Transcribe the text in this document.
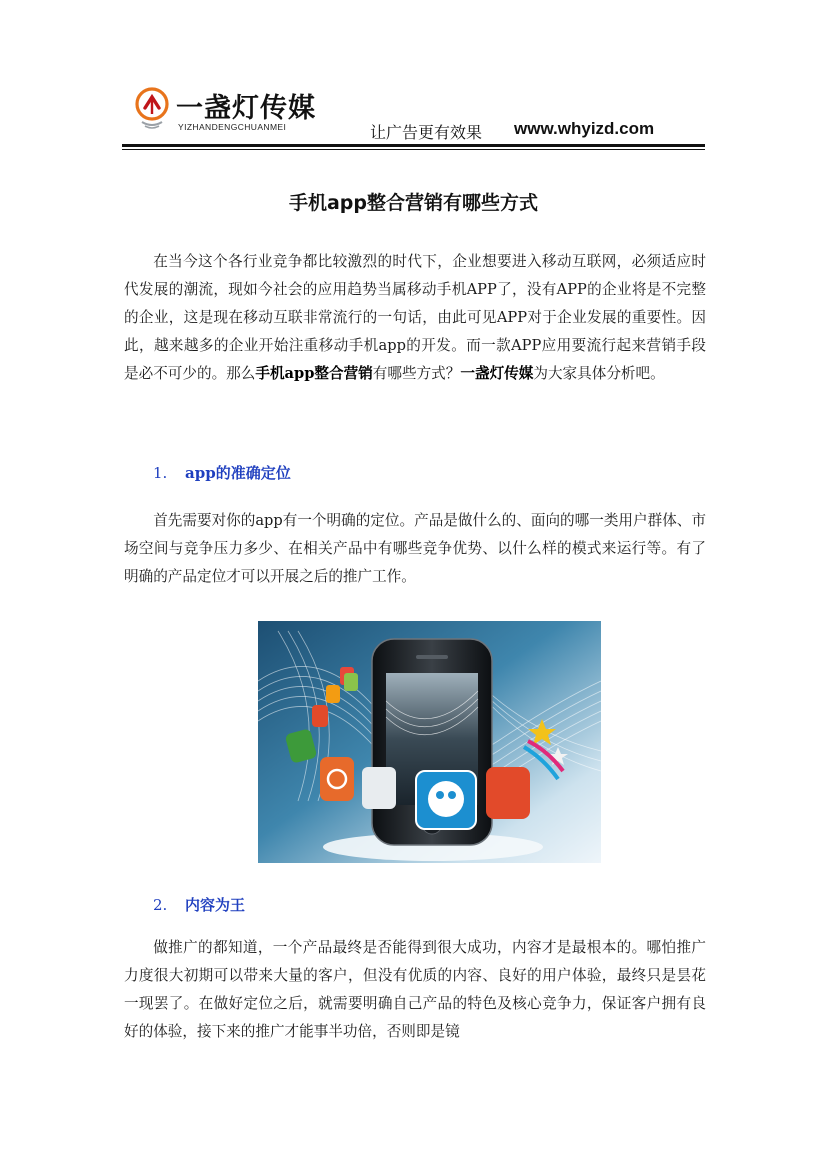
一盏灯传媒
YIZHANDENGCHUANMEI	让广告更有效果 www.whyizd.com
手机app整合营销有哪些方式
在当今这个各行业竞争都比较激烈的时代下，企业想要进入移动互联网，必须适应时代发展的潮流，现如今社会的应用趋势当属移动手机APP了，没有APP的企业将是不完整的企业，这是现在移动互联非常流行的一句话，由此可见APP对于企业发展的重要性。因此，越来越多的企业开始注重移动手机app的开发。而一款APP应用要流行起来营销手段是必不可少的。那么手机app整合营销有哪些方式？一盏灯传媒为大家具体分析吧。
1. app的准确定位
首先需要对你的app有一个明确的定位。产品是做什么的、面向的哪一类用户群体、市场空间与竞争压力多少、在相关产品中有哪些竞争优势、以什么样的模式来运行等。有了明确的产品定位才可以开展之后的推广工作。
2. 内容为王
做推广的都知道，一个产品最终是否能得到很大成功，内容才是最根本的。哪怕推广力度很大初期可以带来大量的客户，但没有优质的内容、良好的用户体验，最终只是昙花一现罢了。在做好定位之后，就需要明确自己产品的特色及核心竞争力，保证客户拥有良好的体验，接下来的推广才能事半功倍，否则即是镜
